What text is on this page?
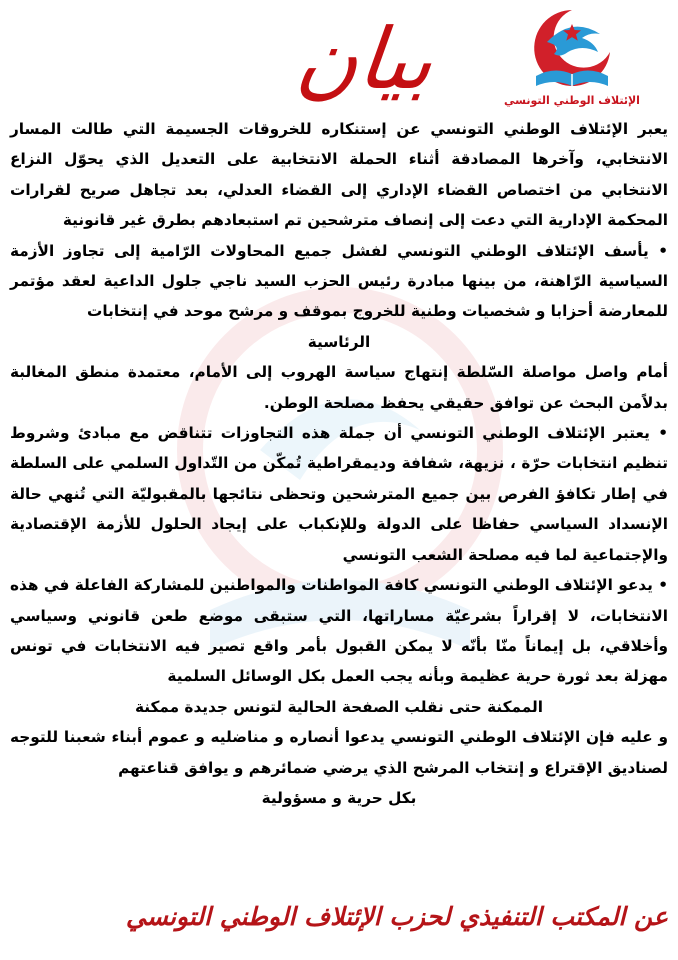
الإئتلاف الوطني التونسي
بيان

يعبر الإئتلاف الوطني التونسي عن إستنكاره للخروقات الجسيمة التي طالت المسار الانتخابي، وآخرها المصادقة أثناء الحملة الانتخابية على التعديل الذي يحوّل النزاع الانتخابي من اختصاص القضاء الإداري إلى القضاء العدلي، بعد تجاهل صريح لقرارات المحكمة الإدارية التي دعت إلى إنصاف مترشحين تم استبعادهم بطرق غير قانونية

• يأسف الإئتلاف الوطني التونسي لفشل جميع المحاولات الرّامية إلى تجاوز الأزمة السياسية الرّاهنة، من بينها مبادرة رئيس الحزب السيد ناجي جلول الداعية لعقد مؤتمر للمعارضة أحزابا و شخصيات وطنية للخروج بموقف و مرشح موحد في إنتخابات

الرئاسية

أمام واصل مواصلة السّلطة إنتهاج سياسة الهروب إلى الأمام، معتمدة منطق المغالبة بدلاًمن البحث عن توافق حقيقي يحفظ مصلحة الوطن.

• يعتبر الإئتلاف الوطني التونسي أن جملة هذه التجاوزات تتناقض مع مبادئ وشروط تنظيم انتخابات حرّة ، نزيهة، شفافة وديمقراطية تُمكّن من التّداول السلمي على السلطة في إطار تكافؤ الفرص بين جميع المترشحين وتحظى نتائجها بالمقبوليّة التي تُنهي حالة الإنسداد السياسي حفاظا على الدولة وللإنكباب على إيجاد الحلول للأزمة الإقتصادية والإجتماعية لما فيه مصلحة الشعب التونسي

• يدعو الإئتلاف الوطني التونسي كافة المواطنات والمواطنين للمشاركة الفاعلة في هذه الانتخابات، لا إقراراً بشرعيّة مساراتها، التي ستبقى موضع طعن قانوني وسياسي وأخلاقي، بل إيماناً منّا بأنّه لا يمكن القبول بأمر واقع تصير فيه الانتخابات في تونس مهزلة بعد ثورة حرية عظيمة وبأنه يجب العمل بكل الوسائل السلمية

الممكنة حتى نقلب الصفحة الحالية لتونس جديدة ممكنة

و عليه فإن الإئتلاف الوطني التونسي يدعوا أنصاره و مناضليه و عموم أبناء شعبنا للتوجه لصناديق الإقتراع و إنتخاب المرشح الذي يرضي ضمائرهم و يوافق قناعتهم

بكل حرية و مسؤولية

عن المكتب التنفيذي لحزب الإئتلاف الوطني التونسي
